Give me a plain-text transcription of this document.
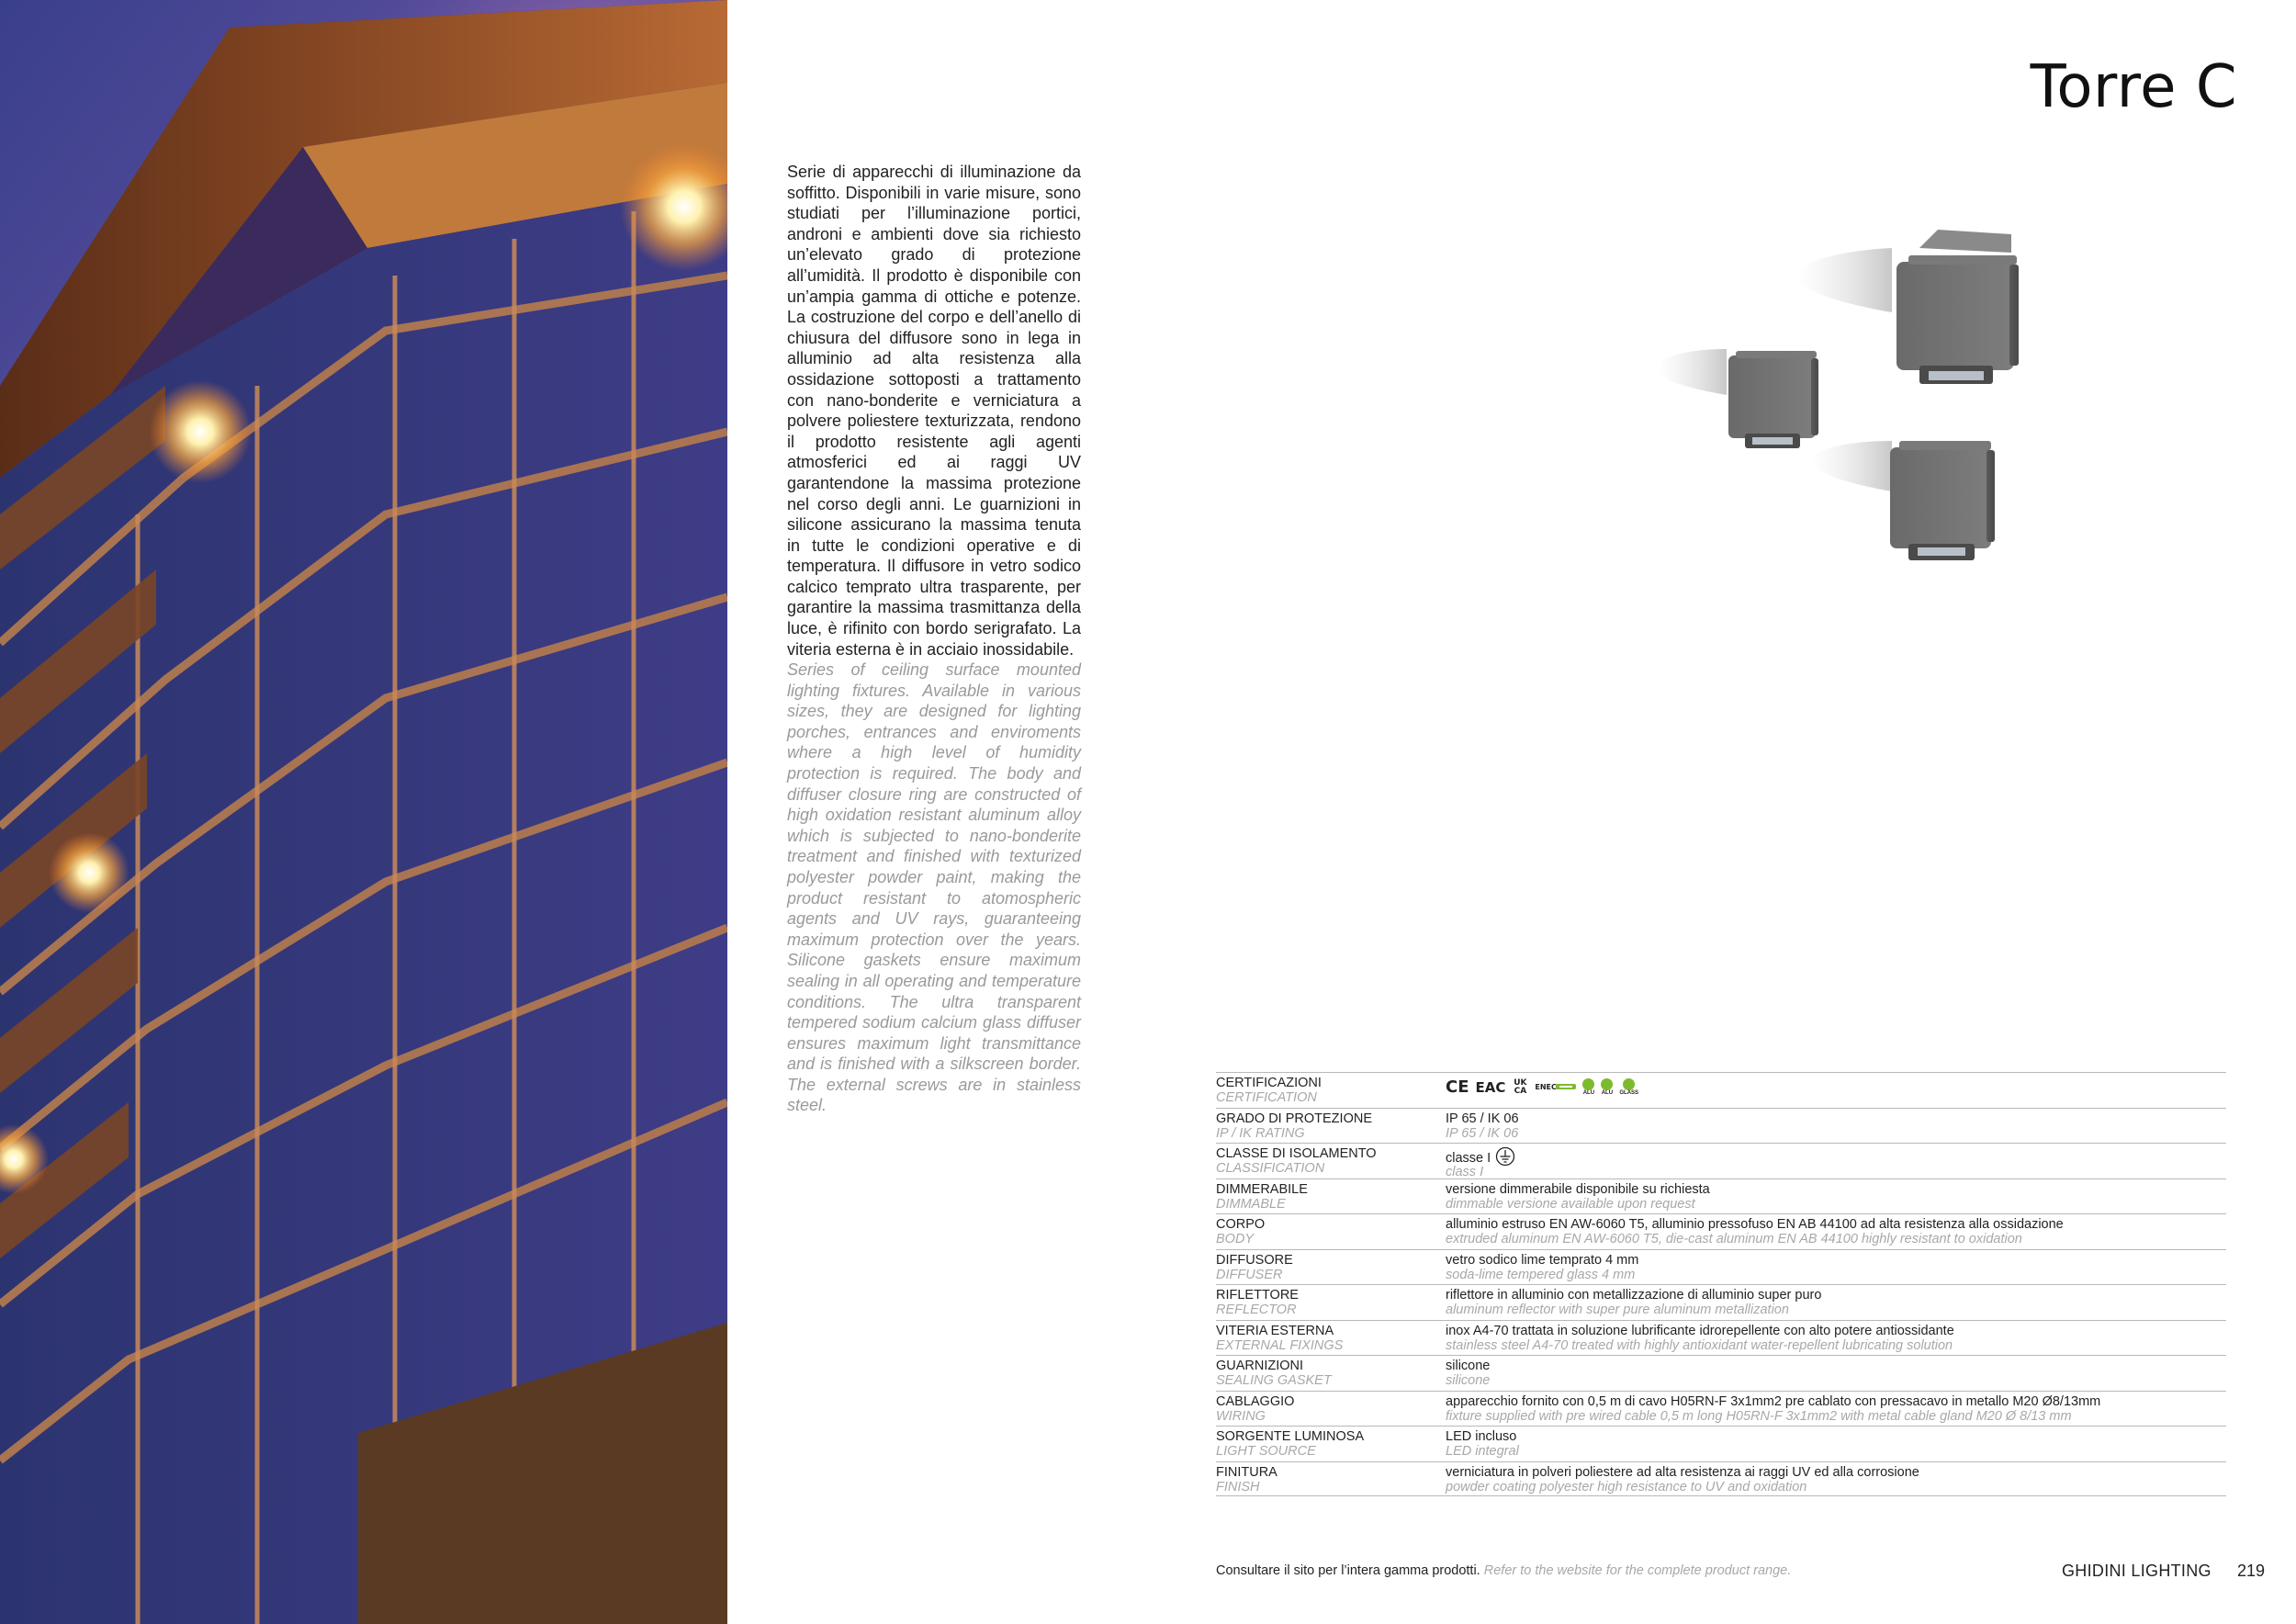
Torre C

Serie di apparecchi di illuminazione da soffitto. Disponibili in varie misure, sono studiati per l’illuminazione portici, androni e ambienti dove sia richiesto un’elevato grado di protezione all’umidità. Il prodotto è disponibile con un’ampia gamma di ottiche e potenze. La costruzione del corpo e dell’anello di chiusura del diffusore sono in lega in alluminio ad alta resistenza alla ossidazione sottoposti a trattamento con nano-bonderite e verniciatura a polvere poliestere texturizzata, rendono il prodotto resistente agli agenti atmosferici ed ai raggi UV garantendone la massima protezione nel corso degli anni. Le guarnizioni in silicone assicurano la massima tenuta in tutte le condizioni operative e di temperatura. Il diffusore in vetro sodico calcico temprato ultra trasparente, per garantire la massima trasmittanza della luce, è rifinito con bordo serigrafato. La viteria esterna è in acciaio inossidabile.

Series of ceiling surface mounted lighting fixtures. Available in various sizes, they are designed for lighting porches, entrances and enviroments where a high level of humidity protection is required. The body and diffuser closure ring are constructed of high oxidation resistant aluminum alloy which is subjected to nano-bonderite treatment and finished with texturized polyester powder paint, making the product resistant to atomospheric agents and UV rays, guaranteeing maximum protection over the years. Silicone gaskets ensure maximum sealing in all operating and temperature conditions. The ultra transparent tempered sodium calcium glass diffuser ensures maximum light transmittance and is finished with a silkscreen border. The external screws are in stainless steel.

CERTIFICAZIONI
CERTIFICATION
CE EAC UK CA ENEC
ALU ALU GLASS
GRADO DI PROTEZIONE
IP / IK RATING
IP 65 / IK 06
IP 65 / IK 06
CLASSE DI ISOLAMENTO
CLASSIFICATION
classe I
class I
DIMMERABILE
DIMMABLE
versione dimmerabile disponibile su richiesta
dimmable versione available upon request
CORPO
BODY
alluminio estruso EN AW-6060 T5, alluminio pressofuso EN AB 44100 ad alta resistenza alla ossidazione
extruded aluminum EN AW-6060 T5, die-cast aluminum EN AB 44100 highly resistant to oxidation
DIFFUSORE
DIFFUSER
vetro sodico lime temprato 4 mm
soda-lime tempered glass 4 mm
RIFLETTORE
REFLECTOR
riflettore in alluminio con metallizzazione di alluminio super puro
aluminum reflector with super pure aluminum metallization
VITERIA ESTERNA
EXTERNAL FIXINGS
inox A4-70 trattata in soluzione lubrificante idrorepellente con alto potere antiossidante
stainless steel A4-70 treated with highly antioxidant water-repellent lubricating solution
GUARNIZIONI
SEALING GASKET
silicone
silicone
CABLAGGIO
WIRING
apparecchio fornito con 0,5 m di cavo H05RN-F 3x1mm2 pre cablato con pressacavo in metallo M20 Ø8/13mm
fixture supplied with pre wired cable 0,5 m long H05RN-F 3x1mm2 with metal cable gland M20 Ø 8/13 mm
SORGENTE LUMINOSA
LIGHT SOURCE
LED incluso
LED integral
FINITURA
FINISH
verniciatura in polveri poliestere ad alta resistenza ai raggi UV ed alla corrosione
powder coating polyester high resistance to UV and oxidation

Consultare il sito per l’intera gamma prodotti. Refer to the website for the complete product range.	GHIDINI LIGHTING 219
